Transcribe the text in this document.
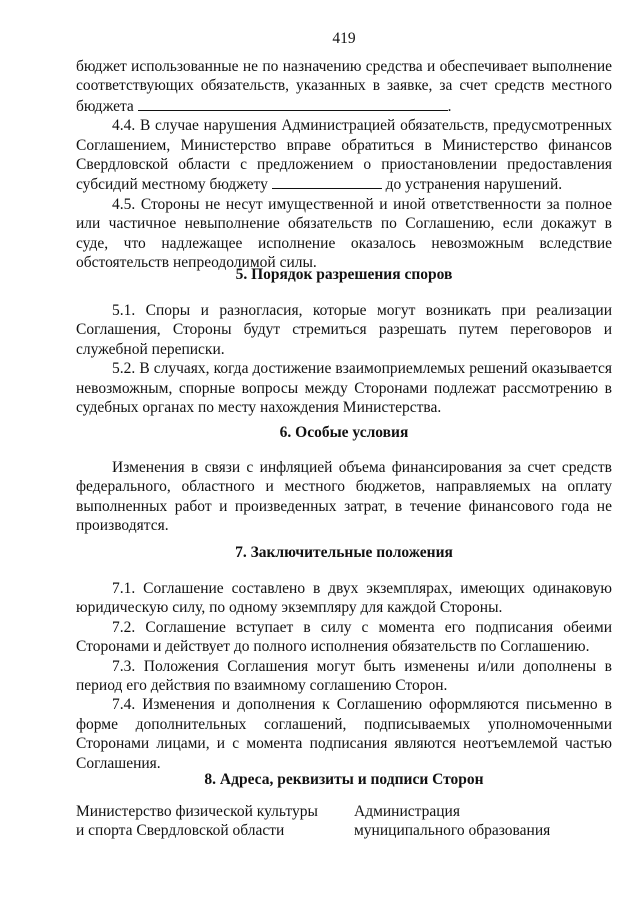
419

бюджет использованные не по назначению средства и обеспечивает выполнение соответствующих обязательств, указанных в заявке, за счет средств местного бюджета	.

4.4. В случае нарушения Администрацией обязательств, предусмотренных Соглашением, Министерство вправе обратиться в Министерство финансов Свердловской области с предложением о приостановлении предоставления субсидий местному бюджету	до устранения нарушений.

4.5. Стороны не несут имущественной и иной ответственности за полное или частичное невыполнение обязательств по Соглашению, если докажут в суде, что надлежащее исполнение оказалось невозможным вследствие обстоятельств непреодолимой силы.

5. Порядок разрешения споров

5.1. Споры и разногласия, которые могут возникать при реализации Соглашения, Стороны будут стремиться разрешать путем переговоров и служебной переписки.

5.2. В случаях, когда достижение взаимоприемлемых решений оказывается невозможным, спорные вопросы между Сторонами подлежат рассмотрению в судебных органах по месту нахождения Министерства.

6. Особые условия

Изменения в связи с инфляцией объема финансирования за счет средств федерального, областного и местного бюджетов, направляемых на оплату выполненных работ и произведенных затрат, в течение финансового года не производятся.

7. Заключительные положения

7.1. Соглашение составлено в двух экземплярах, имеющих одинаковую юридическую силу, по одному экземпляру для каждой Стороны.

7.2. Соглашение вступает в силу с момента его подписания обеими Сторонами и действует до полного исполнения обязательств по Соглашению.

7.3. Положения Соглашения могут быть изменены и/или дополнены в период его действия по взаимному соглашению Сторон.

7.4. Изменения и дополнения к Соглашению оформляются письменно в форме дополнительных соглашений, подписываемых уполномоченными Сторонами лицами, и с момента подписания являются неотъемлемой частью Соглашения.

8. Адреса, реквизиты и подписи Сторон

Министерство физической культуры

и спорта Свердловской области

Администрация

муниципального образования
